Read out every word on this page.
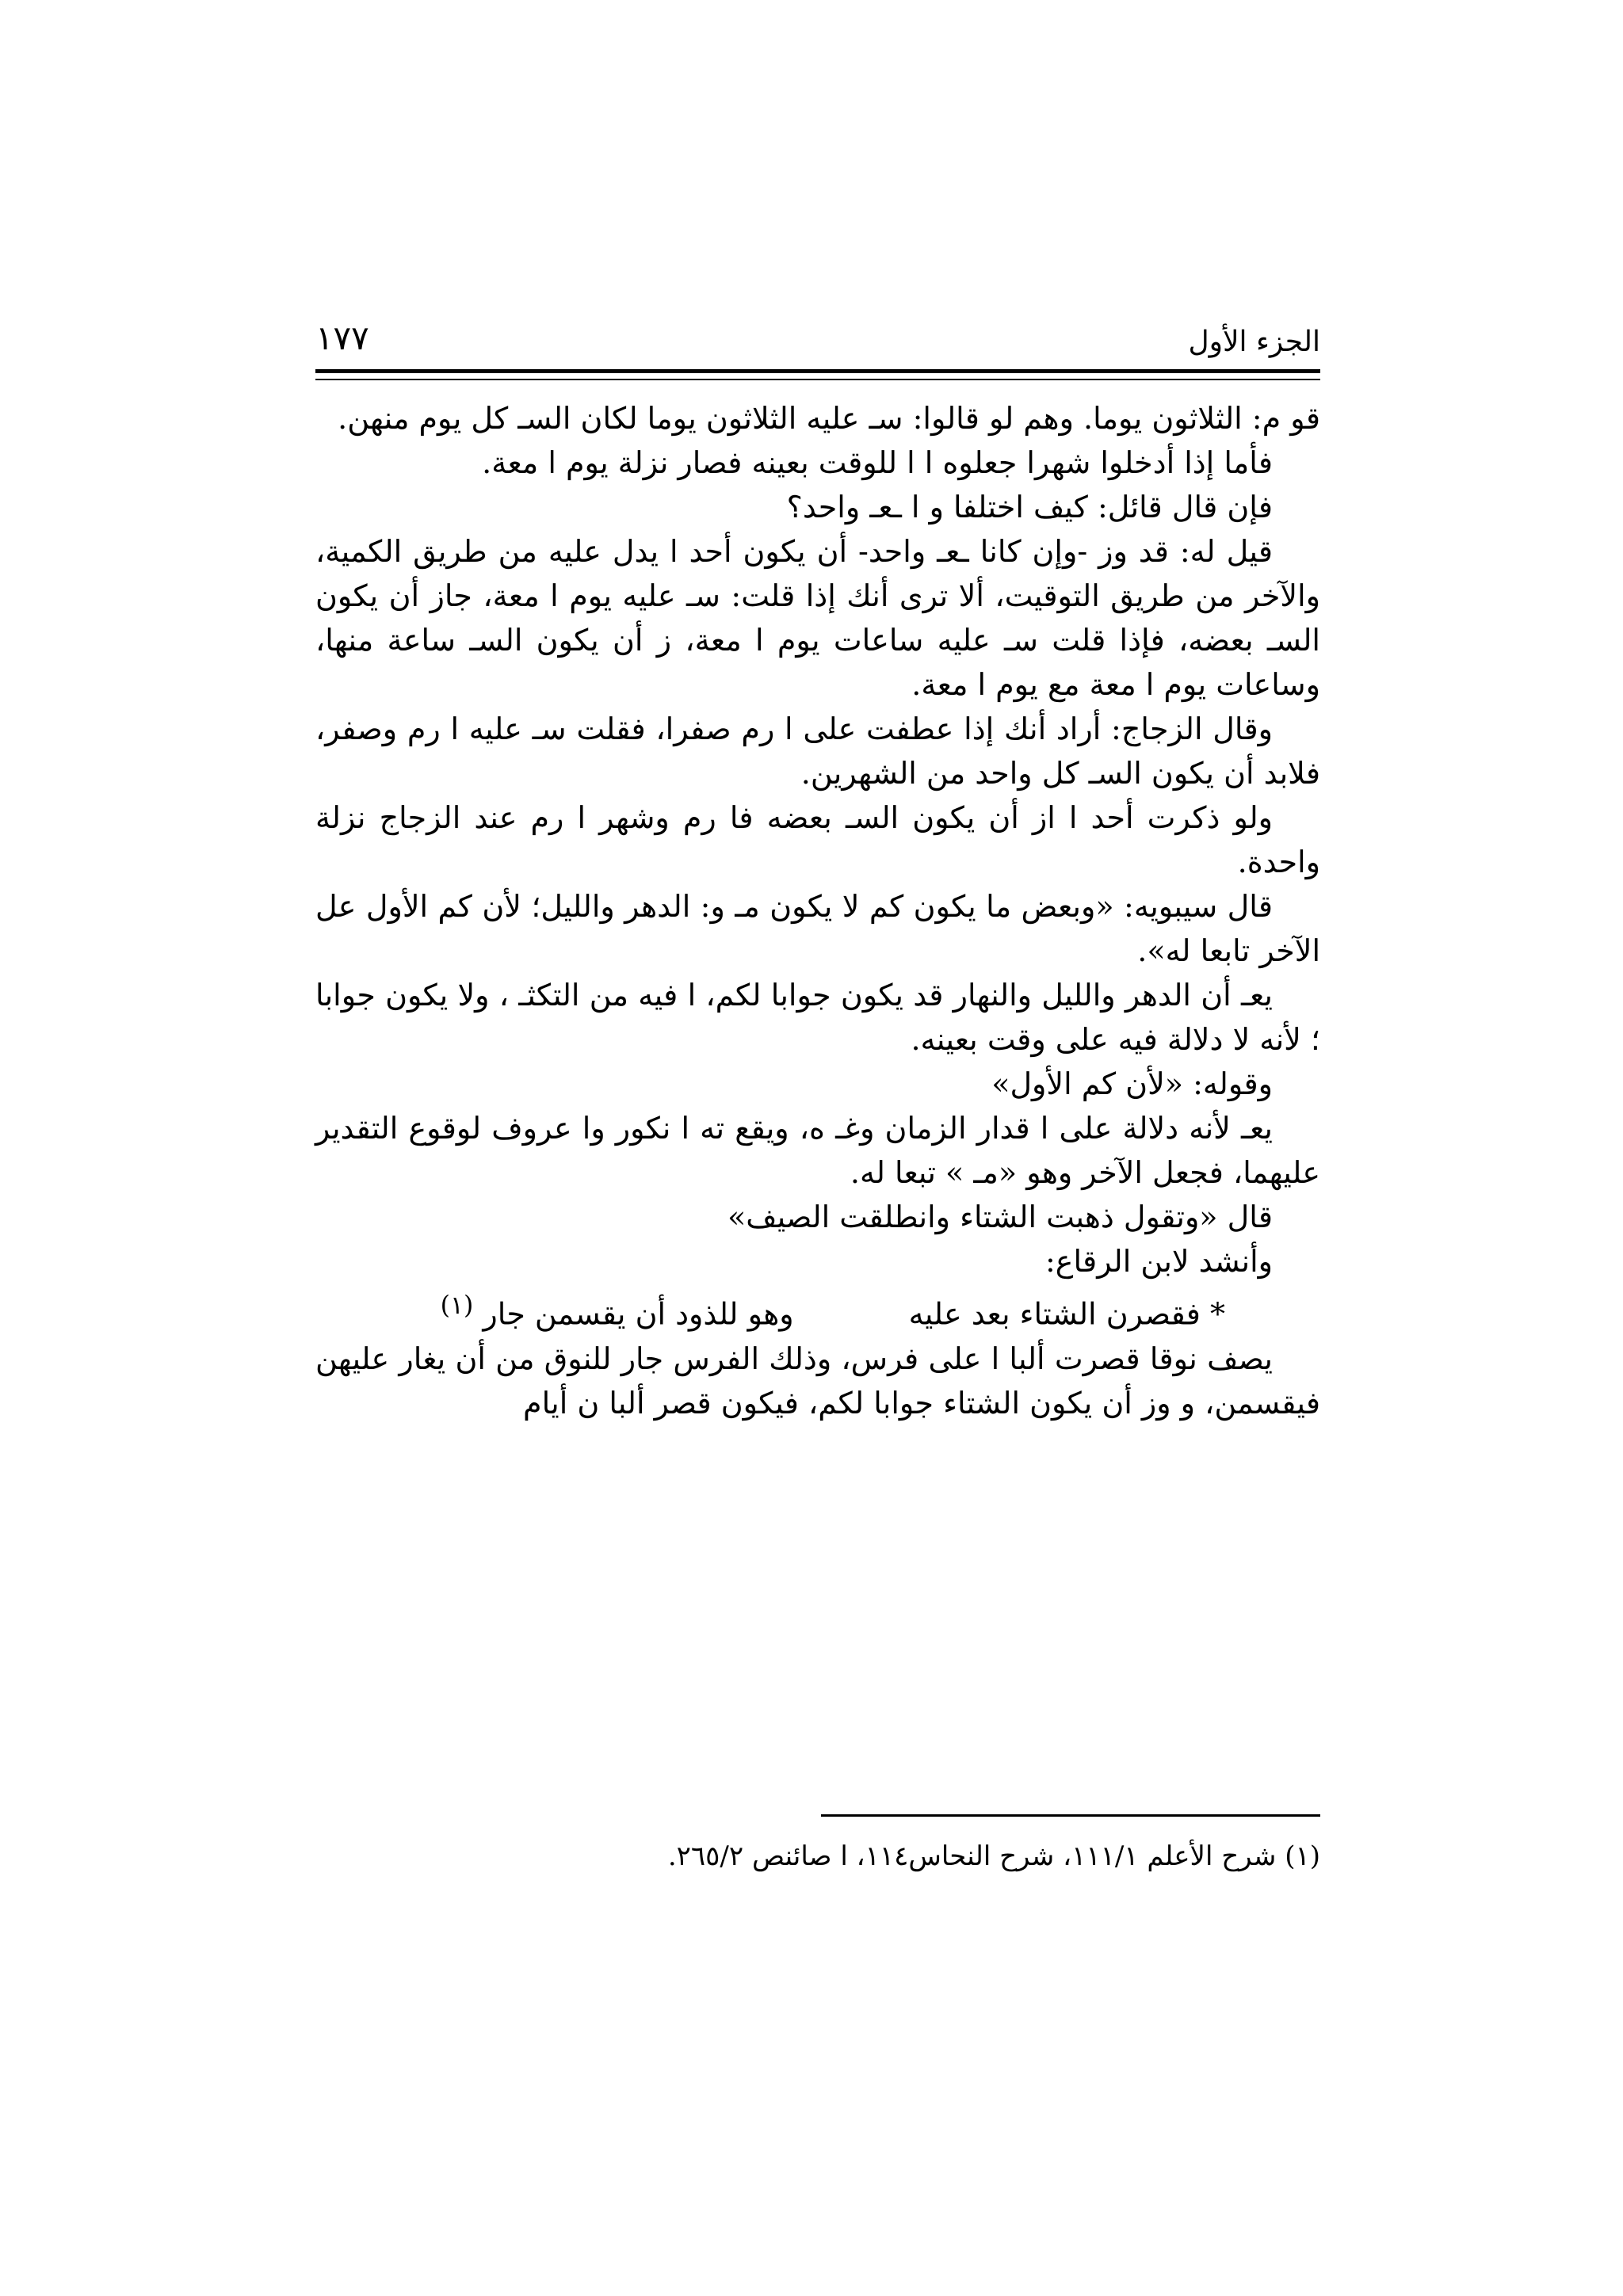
الجزء الأول
١٧٧

قو م: الثلاثون يوما. وهم لو قالوا: سـ عليه الثلاثون يوما لكان السـ كل يوم منهن.

فأما إذا أدخلوا شهرا جعلوه ا ا للوقت بعينه فصار نزلة يوم ا معة.

فإن قال قائل: كيف اختلفا و ا ـعـ واحد؟

قيل له: قد وز -وإن كانا ـعـ واحد- أن يكون أحد ا يدل عليه من طريق الكمية، والآخر من طريق التوقيت، ألا ترى أنك إذا قلت: سـ عليه يوم ا معة، جاز أن يكون السـ بعضه، فإذا قلت سـ عليه ساعات يوم ا معة، ز أن يكون السـ ساعة منها، وساعات يوم ا معة مع يوم ا معة.

وقال الزجاج: أراد أنك إذا عطفت على ا رم صفرا، فقلت سـ عليه ا رم وصفر، فلابد أن يكون السـ كل واحد من الشهرين.

ولو ذكرت أحد ا از أن يكون السـ بعضه فا رم وشهر ا رم عند الزجاج نزلة واحدة.

قال سيبويه: «وبعض ما يكون كم لا يكون مـ و: الدهر والليل؛ لأن كم الأول عل الآخر تابعا له».

يعـ أن الدهر والليل والنهار قد يكون جوابا لكم، ا فيه من التكثـ ، ولا يكون جوابا ؛ لأنه لا دلالة فيه على وقت بعينه.

وقوله: «لأن كم الأول»

يعـ لأنه دلالة على ا قدار الزمان وغـ ه، ويقع ته ا نكور وا عروف لوقوع التقدير عليهما، فجعل الآخر وهو «مـ » تبعا له.

قال «وتقول ذهبت الشتاء وانطلقت الصيف»

وأنشد لابن الرقاع:

* فقصرن الشتاء بعد عليه            وهو للذود أن يقسمن جار $^{(١)}$

يصف نوقا قصرت ألبا ا على فرس، وذلك الفرس جار للنوق من أن يغار عليهن فيقسمن، و وز أن يكون الشتاء جوابا لكم، فيكون قصر ألبا ن أيام

(١) شرح الأعلم ١١١/١، شرح النحاس١١٤، ا صائنص ٢٦٥/٢.
